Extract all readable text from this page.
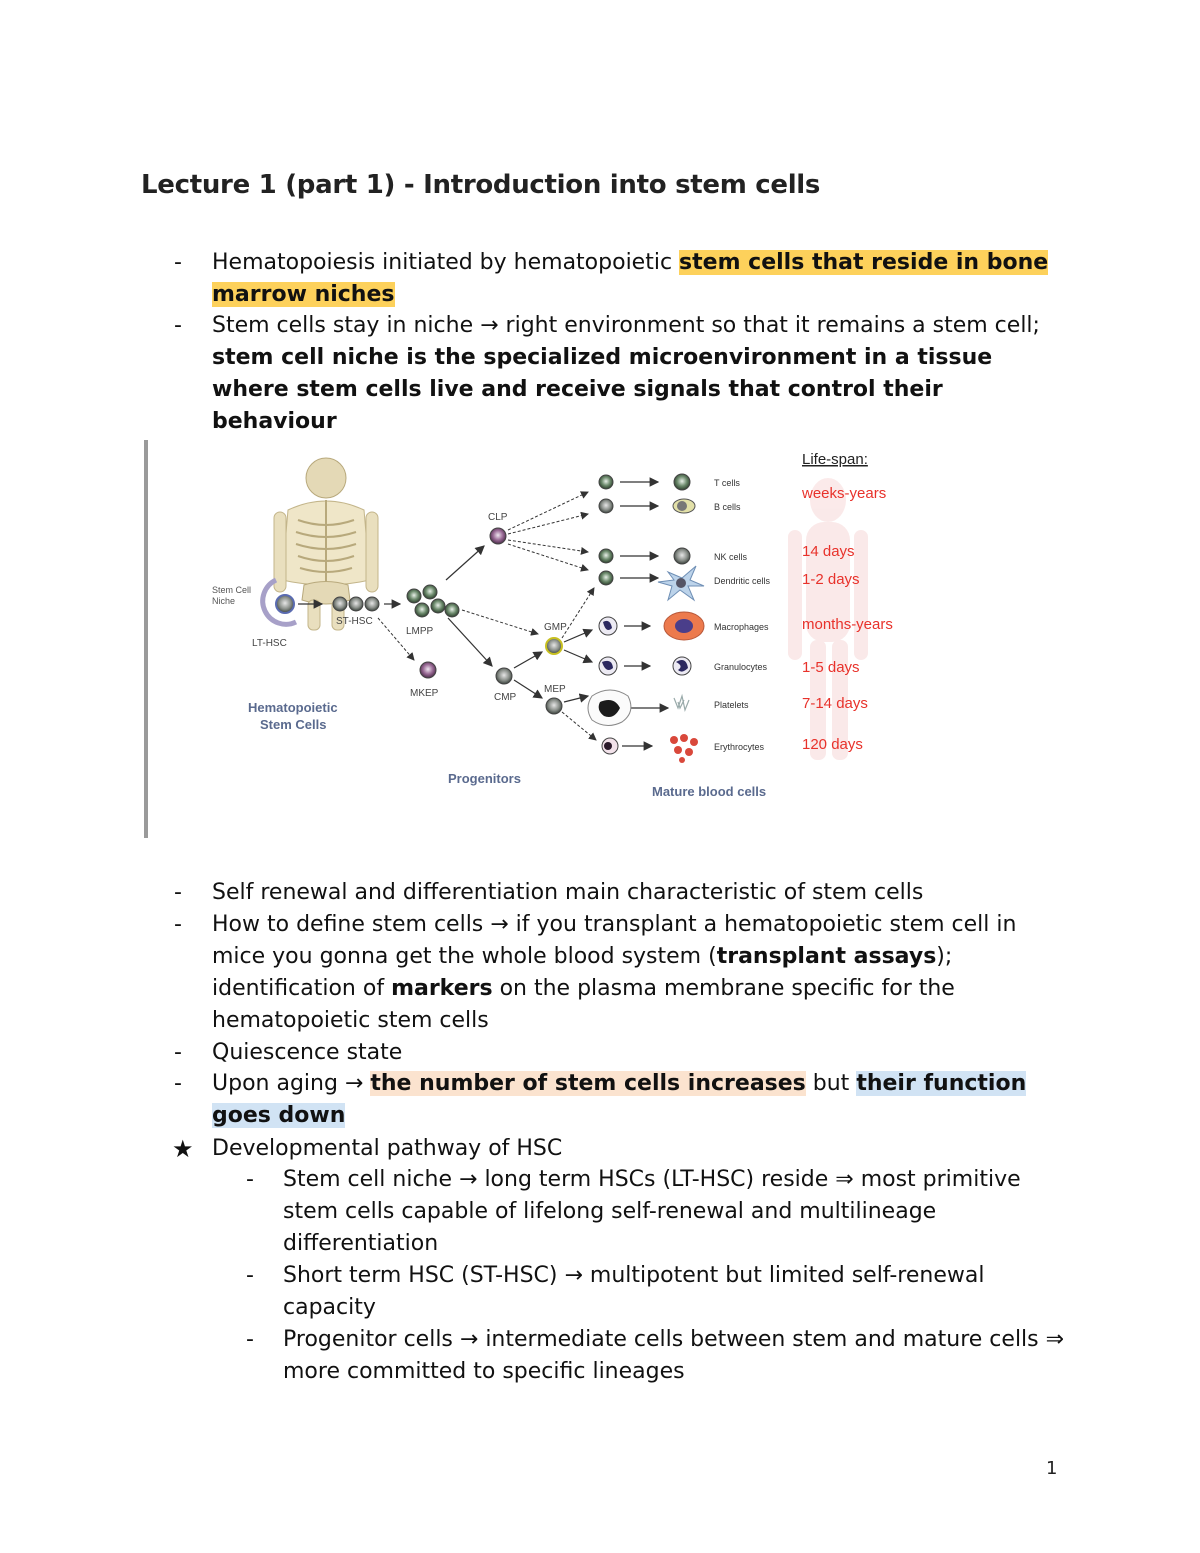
Lecture 1 (part 1) - Introduction into stem cells
-	Hematopoiesis initiated by hematopoietic stem cells that reside in bone marrow niches
-	Stem cells stay in niche → right environment so that it remains a stem cell; stem cell niche is the specialized microenvironment in a tissue where stem cells live and receive signals that control their behaviour
Stem Cell
Niche
LT-HSC
ST-HSC
LMPP
CLP
MKEP	CMP
GMP
MEP
T cells
B cells
NK cells
Dendritic cells
Macrophages
Granulocytes
Platelets
Erythrocytes
Life-span:
weeks-years
14 days
1-2 days
months-years
1-5 days
7-14 days
120 days
Hematopoietic
Stem Cells
Progenitors
Mature blood cells
-	Self renewal and differentiation main characteristic of stem cells
-	How to define stem cells → if you transplant a hematopoietic stem cell in mice you gonna get the whole blood system (transplant assays); identification of markers on the plasma membrane specific for the hematopoietic stem cells
-	Quiescence state
-	Upon aging → the number of stem cells increases but their function goes down
★ Developmental pathway of HSC
-	Stem cell niche → long term HSCs (LT-HSC) reside ⇒ most primitive stem cells capable of lifelong self-renewal and multilineage differentiation
-	Short term HSC (ST-HSC) → multipotent but limited self-renewal capacity
-	Progenitor cells → intermediate cells between stem and mature cells ⇒ more committed to specific lineages
1
